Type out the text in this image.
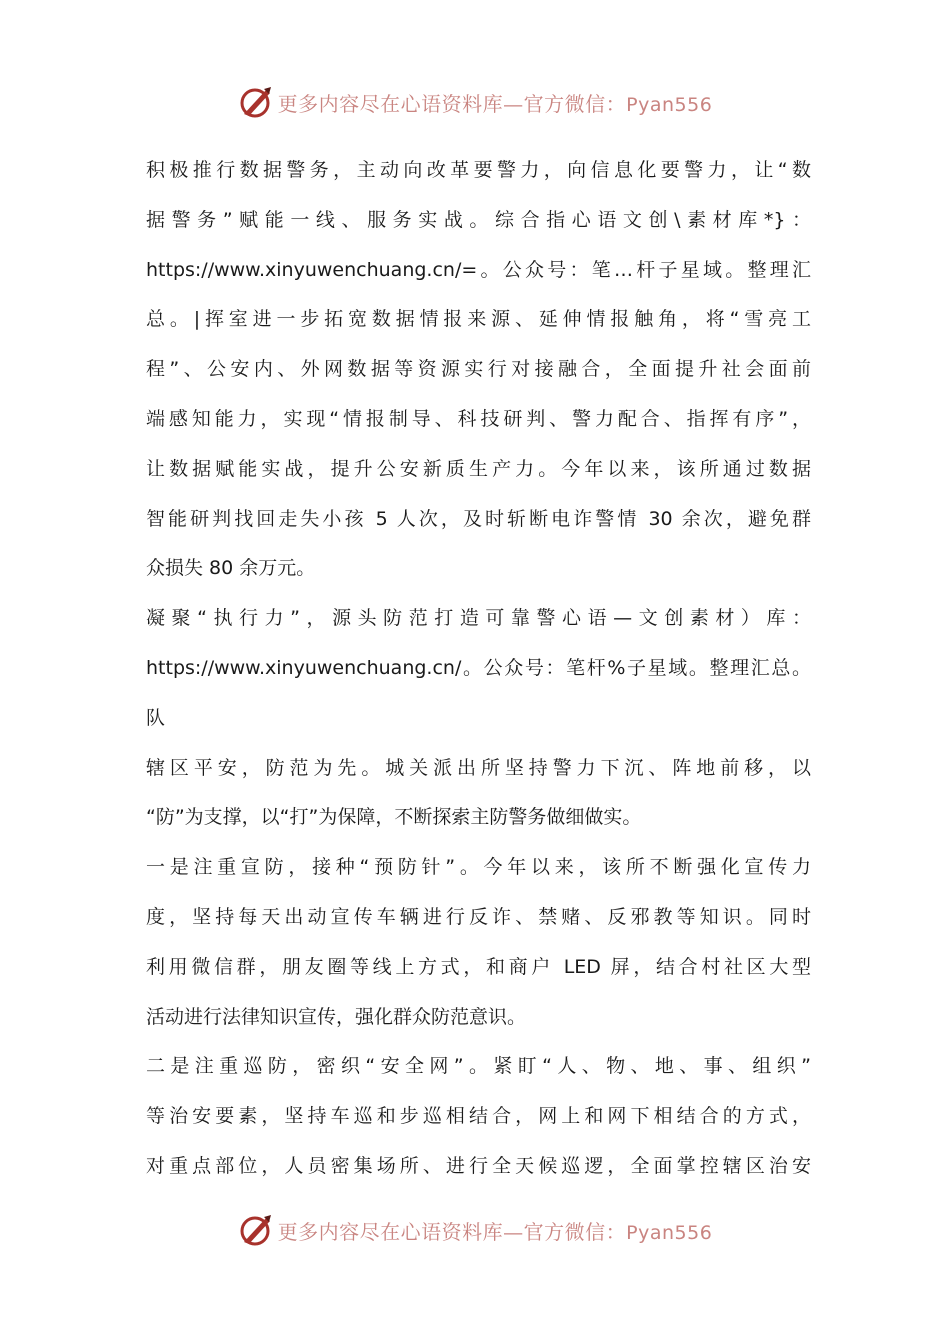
更多内容尽在心语资料库—官方微信：Pyan556
积极推行数据警务，主动向改革要警力，向信息化要警力，让“数
据警务”赋能一线、服务实战。综合指心语文创\素材库*}：
https://www.xinyuwenchuang.cn/=。公众号：笔…杆子星域。整理汇
总。|挥室进一步拓宽数据情报来源、延伸情报触角，将“雪亮工
程”、公安内、外网数据等资源实行对接融合，全面提升社会面前
端感知能力，实现“情报制导、科技研判、警力配合、指挥有序”，
让数据赋能实战，提升公安新质生产力。今年以来，该所通过数据
智能研判找回走失小孩 5 人次，及时斩断电诈警情 30 余次，避免群
众损失 80 余万元。
凝聚“执行力”，源头防范打造可靠警心语—文创素材）库：
https://www.xinyuwenchuang.cn/。公众号：笔杆%子星域。整理汇总。
队
辖区平安，防范为先。城关派出所坚持警力下沉、阵地前移，以
“防”为支撑，以“打”为保障，不断探索主防警务做细做实。
一是注重宣防，接种“预防针”。今年以来，该所不断强化宣传力
度，坚持每天出动宣传车辆进行反诈、禁赌、反邪教等知识。同时
利用微信群，朋友圈等线上方式，和商户 LED 屏，结合村社区大型
活动进行法律知识宣传，强化群众防范意识。
二是注重巡防，密织“安全网”。紧盯“人、物、地、事、组织”
等治安要素，坚持车巡和步巡相结合，网上和网下相结合的方式，
对重点部位，人员密集场所、进行全天候巡逻，全面掌控辖区治安
更多内容尽在心语资料库—官方微信：Pyan556
